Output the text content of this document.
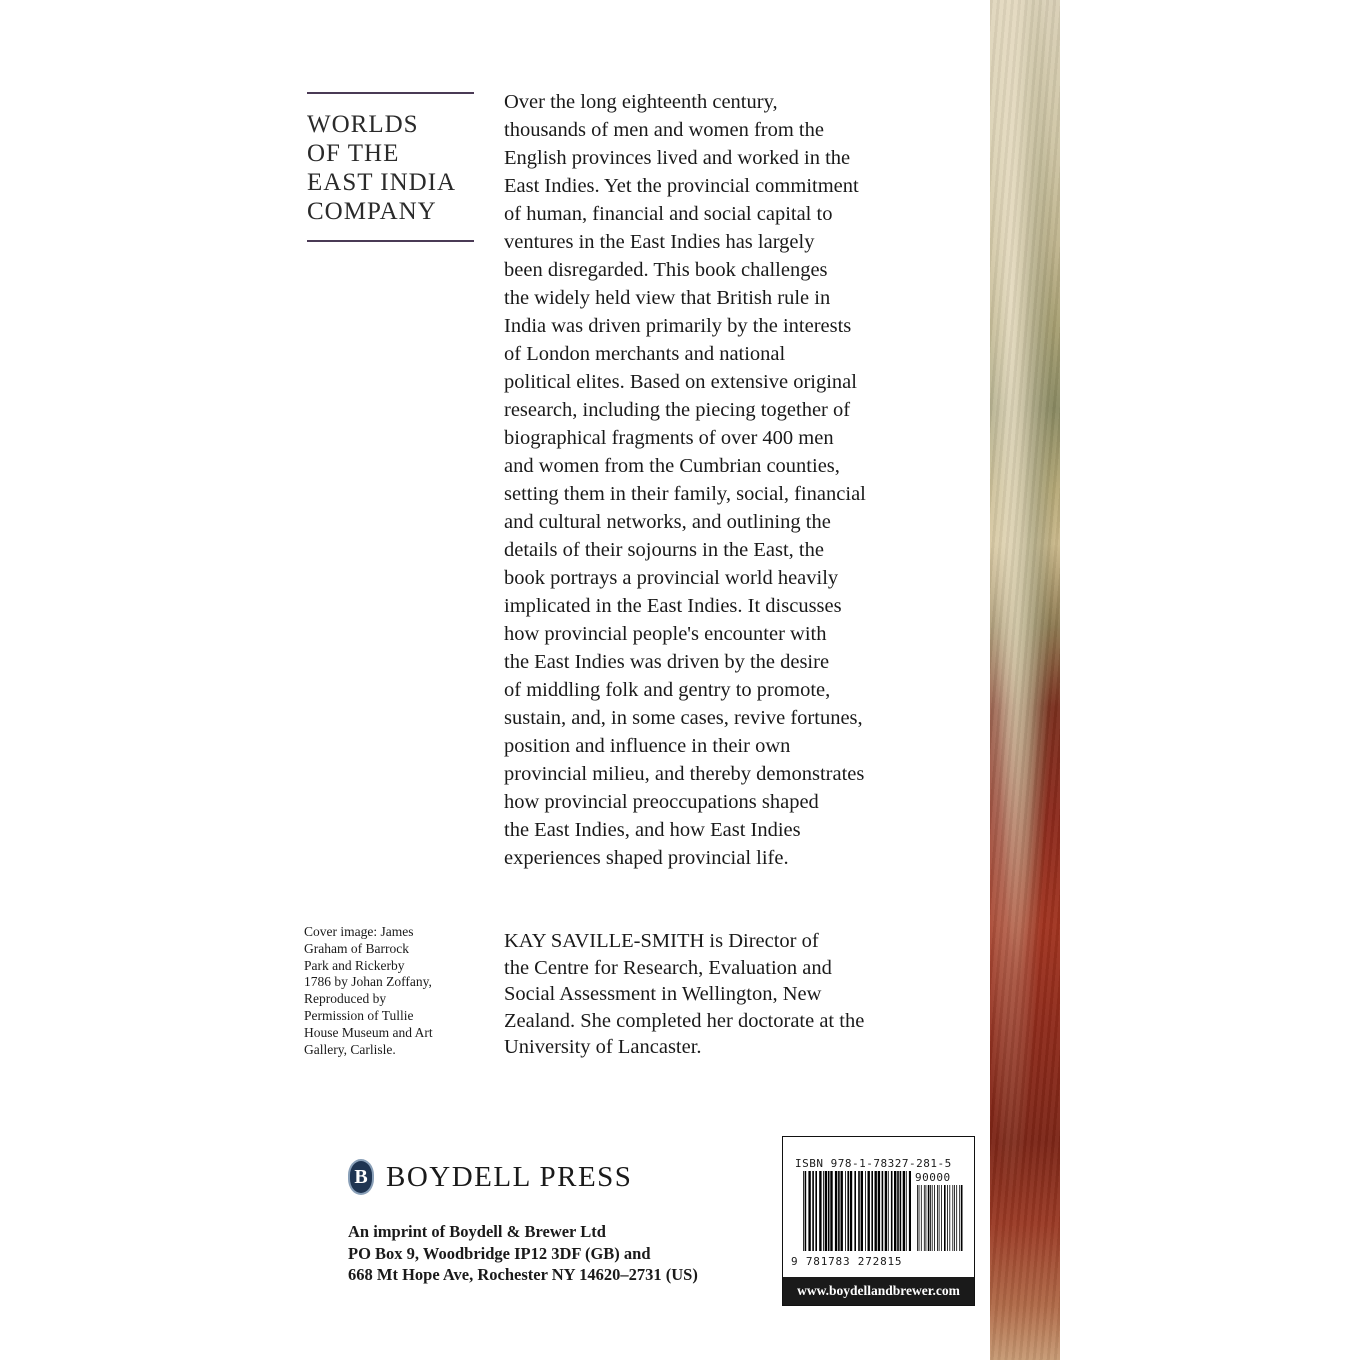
WORLDS
OF THE
EAST INDIA
COMPANY

Over the long eighteenth century,
thousands of men and women from the
English provinces lived and worked in the
East Indies. Yet the provincial commitment
of human, financial and social capital to
ventures in the East Indies has largely
been disregarded. This book challenges
the widely held view that British rule in
India was driven primarily by the interests
of London merchants and national
political elites. Based on extensive original
research, including the piecing together of
biographical fragments of over 400 men
and women from the Cumbrian counties,
setting them in their family, social, financial
and cultural networks, and outlining the
details of their sojourns in the East, the
book portrays a provincial world heavily
implicated in the East Indies. It discusses
how provincial people's encounter with
the East Indies was driven by the desire
of middling folk and gentry to promote,
sustain, and, in some cases, revive fortunes,
position and influence in their own
provincial milieu, and thereby demonstrates
how provincial preoccupations shaped
the East Indies, and how East Indies
experiences shaped provincial life.

Cover image: James
Graham of Barrock
Park and Rickerby
1786 by Johan Zoffany,
Reproduced by
Permission of Tullie
House Museum and Art
Gallery, Carlisle.

KAY SAVILLE-SMITH is Director of
the Centre for Research, Evaluation and
Social Assessment in Wellington, New
Zealand. She completed her doctorate at the
University of Lancaster.

B BOYDELL PRESS
An imprint of Boydell & Brewer Ltd
PO Box 9, Woodbridge IP12 3DF (GB) and
668 Mt Hope Ave, Rochester NY 14620–2731 (US)
ISBN 978-1-78327-281-5
90000
9 781783 272815
www.boydellandbrewer.com
